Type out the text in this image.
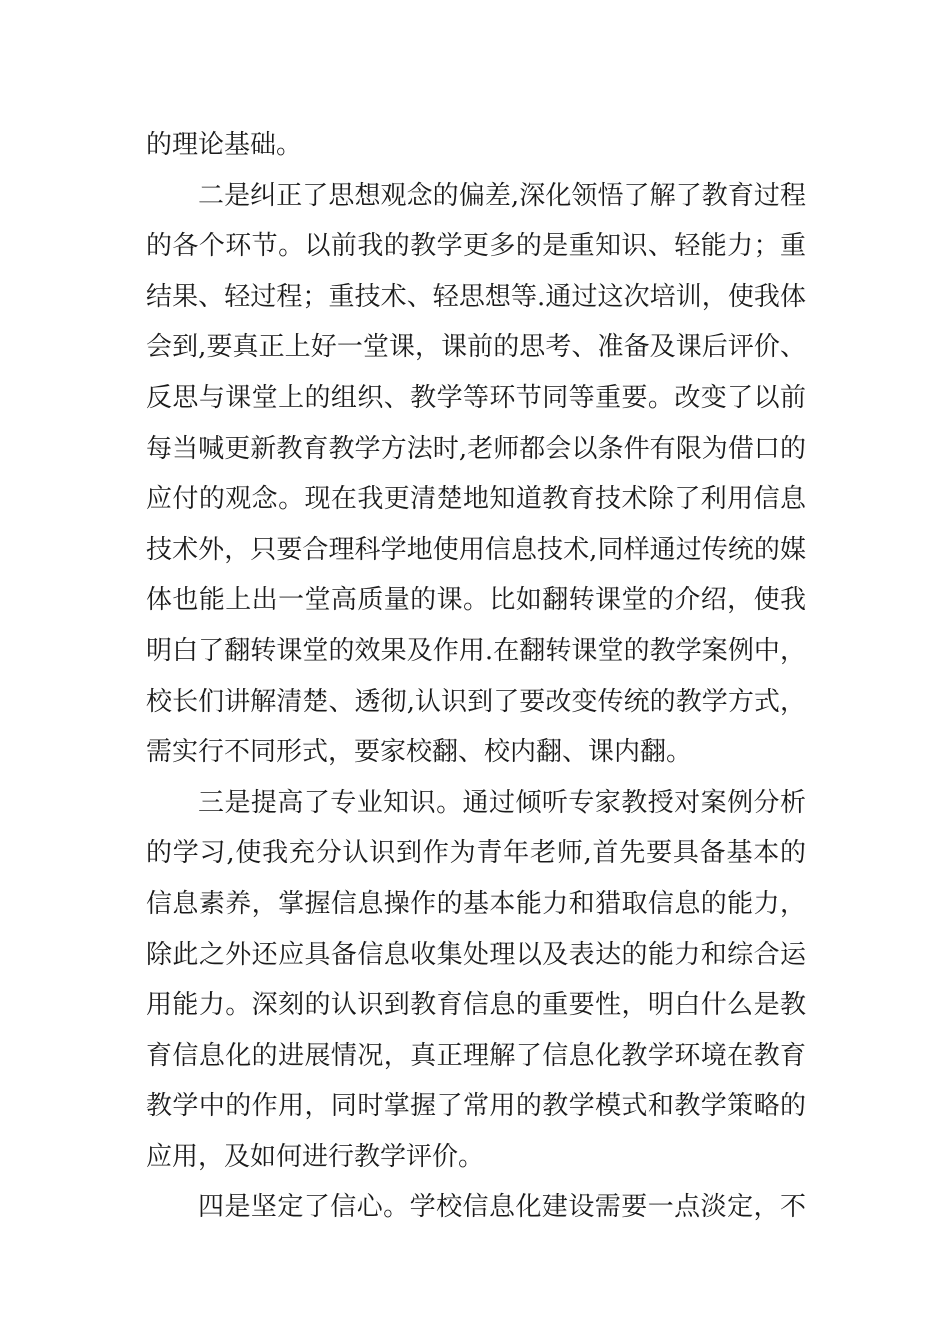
的理论基础。
二是纠正了思想观念的偏差,深化领悟了解了教育过程
的各个环节。以前我的教学更多的是重知识、轻能力；重
结果、轻过程；重技术、轻思想等.通过这次培训，使我体
会到,要真正上好一堂课，课前的思考、准备及课后评价、
反思与课堂上的组织、教学等环节同等重要。改变了以前
每当喊更新教育教学方法时,老师都会以条件有限为借口的
应付的观念。现在我更清楚地知道教育技术除了利用信息
技术外，只要合理科学地使用信息技术,同样通过传统的媒
体也能上出一堂高质量的课。比如翻转课堂的介绍，使我
明白了翻转课堂的效果及作用.在翻转课堂的教学案例中，
校长们讲解清楚、透彻,认识到了要改变传统的教学方式，
需实行不同形式，要家校翻、校内翻、课内翻。
三是提高了专业知识。通过倾听专家教授对案例分析
的学习,使我充分认识到作为青年老师,首先要具备基本的
信息素养，掌握信息操作的基本能力和猎取信息的能力，
除此之外还应具备信息收集处理以及表达的能力和综合运
用能力。深刻的认识到教育信息的重要性，明白什么是教
育信息化的进展情况，真正理解了信息化教学环境在教育
教学中的作用，同时掌握了常用的教学模式和教学策略的
应用，及如何进行教学评价。
四是坚定了信心。学校信息化建设需要一点淡定，不
